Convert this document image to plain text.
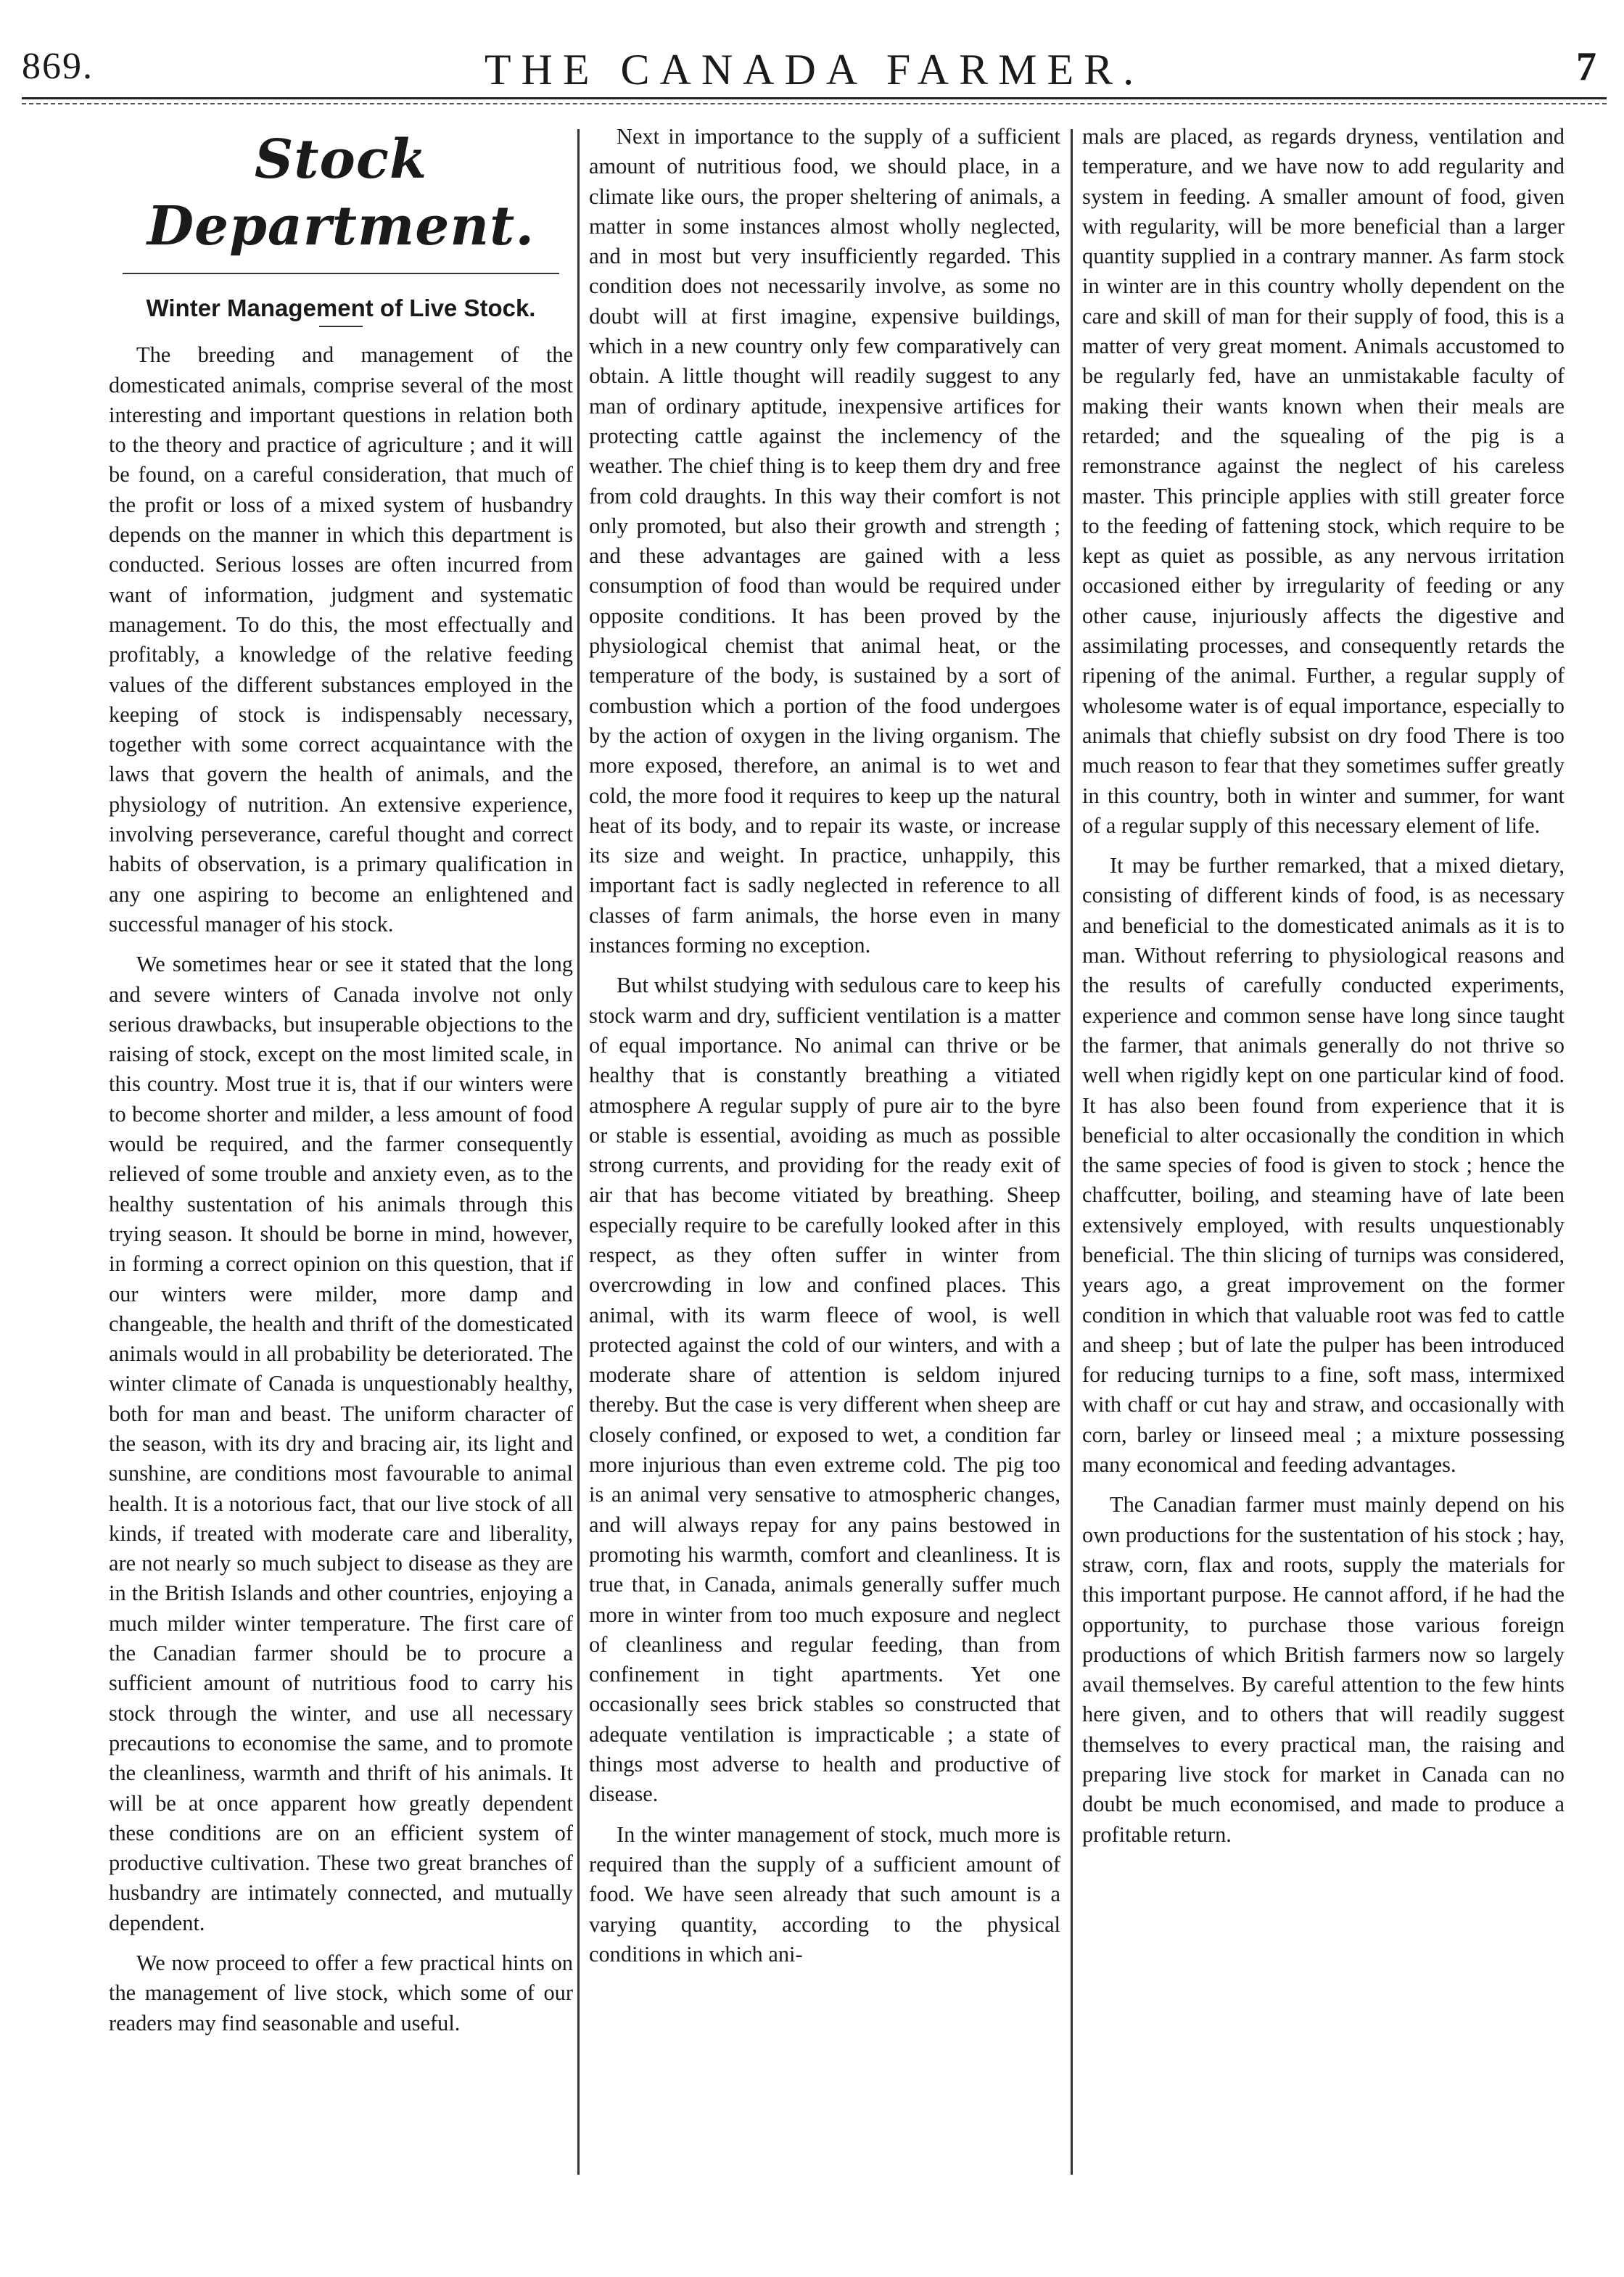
869.	THE CANADA FARMER.	7
Stock Department.
Winter Management of Live Stock.

The breeding and management of the domesticated animals, comprise several of the most interesting and important questions in relation both to the theory and practice of agriculture ; and it will be found, on a careful consideration, that much of the profit or loss of a mixed system of husbandry depends on the manner in which this department is conducted. Serious losses are often incurred from want of information, judgment and systematic management. To do this, the most effectually and profitably, a knowledge of the relative feeding values of the different substances employed in the keeping of stock is indispensably necessary, together with some correct acquaintance with the laws that govern the health of animals, and the physiology of nutrition. An extensive experience, involving perseverance, careful thought and correct habits of observation, is a primary qualification in any one aspiring to become an enlightened and successful manager of his stock.

We sometimes hear or see it stated that the long and severe winters of Canada involve not only serious drawbacks, but insuperable objections to the raising of stock, except on the most limited scale, in this country. Most true it is, that if our winters were to become shorter and milder, a less amount of food would be required, and the farmer consequently relieved of some trouble and anxiety even, as to the healthy sustentation of his animals through this trying season. It should be borne in mind, however, in forming a correct opinion on this question, that if our winters were milder, more damp and changeable, the health and thrift of the domesticated animals would in all probability be deteriorated. The winter climate of Canada is unquestionably healthy, both for man and beast. The uniform character of the season, with its dry and bracing air, its light and sunshine, are conditions most favourable to animal health. It is a notorious fact, that our live stock of all kinds, if treated with moderate care and liberality, are not nearly so much subject to disease as they are in the British Islands and other countries, enjoying a much milder winter temperature. The first care of the Canadian farmer should be to procure a sufficient amount of nutritious food to carry his stock through the winter, and use all necessary precautions to economise the same, and to promote the cleanliness, warmth and thrift of his animals. It will be at once apparent how greatly dependent these conditions are on an efficient system of productive cultivation. These two great branches of husbandry are intimately connected, and mutually dependent.

We now proceed to offer a few practical hints on the management of live stock, which some of our readers may find seasonable and useful.

Next in importance to the supply of a sufficient amount of nutritious food, we should place, in a climate like ours, the proper sheltering of animals, a matter in some instances almost wholly neglected, and in most but very insufficiently regarded. This condition does not necessarily involve, as some no doubt will at first imagine, expensive buildings, which in a new country only few comparatively can obtain. A little thought will readily suggest to any man of ordinary aptitude, inexpensive artifices for protecting cattle against the inclemency of the weather. The chief thing is to keep them dry and free from cold draughts. In this way their comfort is not only promoted, but also their growth and strength ; and these advantages are gained with a less consumption of food than would be required under opposite conditions. It has been proved by the physiological chemist that animal heat, or the temperature of the body, is sustained by a sort of combustion which a portion of the food undergoes by the action of oxygen in the living organism. The more exposed, therefore, an animal is to wet and cold, the more food it requires to keep up the natural heat of its body, and to repair its waste, or increase its size and weight. In practice, unhappily, this important fact is sadly neglected in reference to all classes of farm animals, the horse even in many instances forming no exception.

But whilst studying with sedulous care to keep his stock warm and dry, sufficient ventilation is a matter of equal importance. No animal can thrive or be healthy that is constantly breathing a vitiated atmosphere A regular supply of pure air to the byre or stable is essential, avoiding as much as possible strong currents, and providing for the ready exit of air that has become vitiated by breathing. Sheep especially require to be carefully looked after in this respect, as they often suffer in winter from overcrowding in low and confined places. This animal, with its warm fleece of wool, is well protected against the cold of our winters, and with a moderate share of attention is seldom injured thereby. But the case is very different when sheep are closely confined, or exposed to wet, a condition far more injurious than even extreme cold. The pig too is an animal very sensative to atmospheric changes, and will always repay for any pains bestowed in promoting his warmth, comfort and cleanliness. It is true that, in Canada, animals generally suffer much more in winter from too much exposure and neglect of cleanliness and regular feeding, than from confinement in tight apartments. Yet one occasionally sees brick stables so constructed that adequate ventilation is impracticable ; a state of things most adverse to health and productive of disease.

In the winter management of stock, much more is required than the supply of a sufficient amount of food. We have seen already that such amount is a varying quantity, according to the physical conditions in which ani-

mals are placed, as regards dryness, ventilation and temperature, and we have now to add regularity and system in feeding. A smaller amount of food, given with regularity, will be more beneficial than a larger quantity supplied in a contrary manner. As farm stock in winter are in this country wholly dependent on the care and skill of man for their supply of food, this is a matter of very great moment. Animals accustomed to be regularly fed, have an unmistakable faculty of making their wants known when their meals are retarded; and the squealing of the pig is a remonstrance against the neglect of his careless master. This principle applies with still greater force to the feeding of fattening stock, which require to be kept as quiet as possible, as any nervous irritation occasioned either by irregularity of feeding or any other cause, injuriously affects the digestive and assimilating processes, and consequently retards the ripening of the animal. Further, a regular supply of wholesome water is of equal importance, especially to animals that chiefly subsist on dry food There is too much reason to fear that they sometimes suffer greatly in this country, both in winter and summer, for want of a regular supply of this necessary element of life.

It may be further remarked, that a mixed dietary, consisting of different kinds of food, is as necessary and beneficial to the domesticated animals as it is to man. Without referring to physiological reasons and the results of carefully conducted experiments, experience and common sense have long since taught the farmer, that animals generally do not thrive so well when rigidly kept on one particular kind of food. It has also been found from experience that it is beneficial to alter occasionally the condition in which the same species of food is given to stock ; hence the chaffcutter, boiling, and steaming have of late been extensively employed, with results unquestionably beneficial. The thin slicing of turnips was considered, years ago, a great improvement on the former condition in which that valuable root was fed to cattle and sheep ; but of late the pulper has been introduced for reducing turnips to a fine, soft mass, intermixed with chaff or cut hay and straw, and occasionally with corn, barley or linseed meal ; a mixture possessing many economical and feeding advantages.

The Canadian farmer must mainly depend on his own productions for the sustentation of his stock ; hay, straw, corn, flax and roots, supply the materials for this important purpose. He cannot afford, if he had the opportunity, to purchase those various foreign productions of which British farmers now so largely avail themselves. By careful attention to the few hints here given, and to others that will readily suggest themselves to every practical man, the raising and preparing live stock for market in Canada can no doubt be much economised, and made to produce a profitable return.
